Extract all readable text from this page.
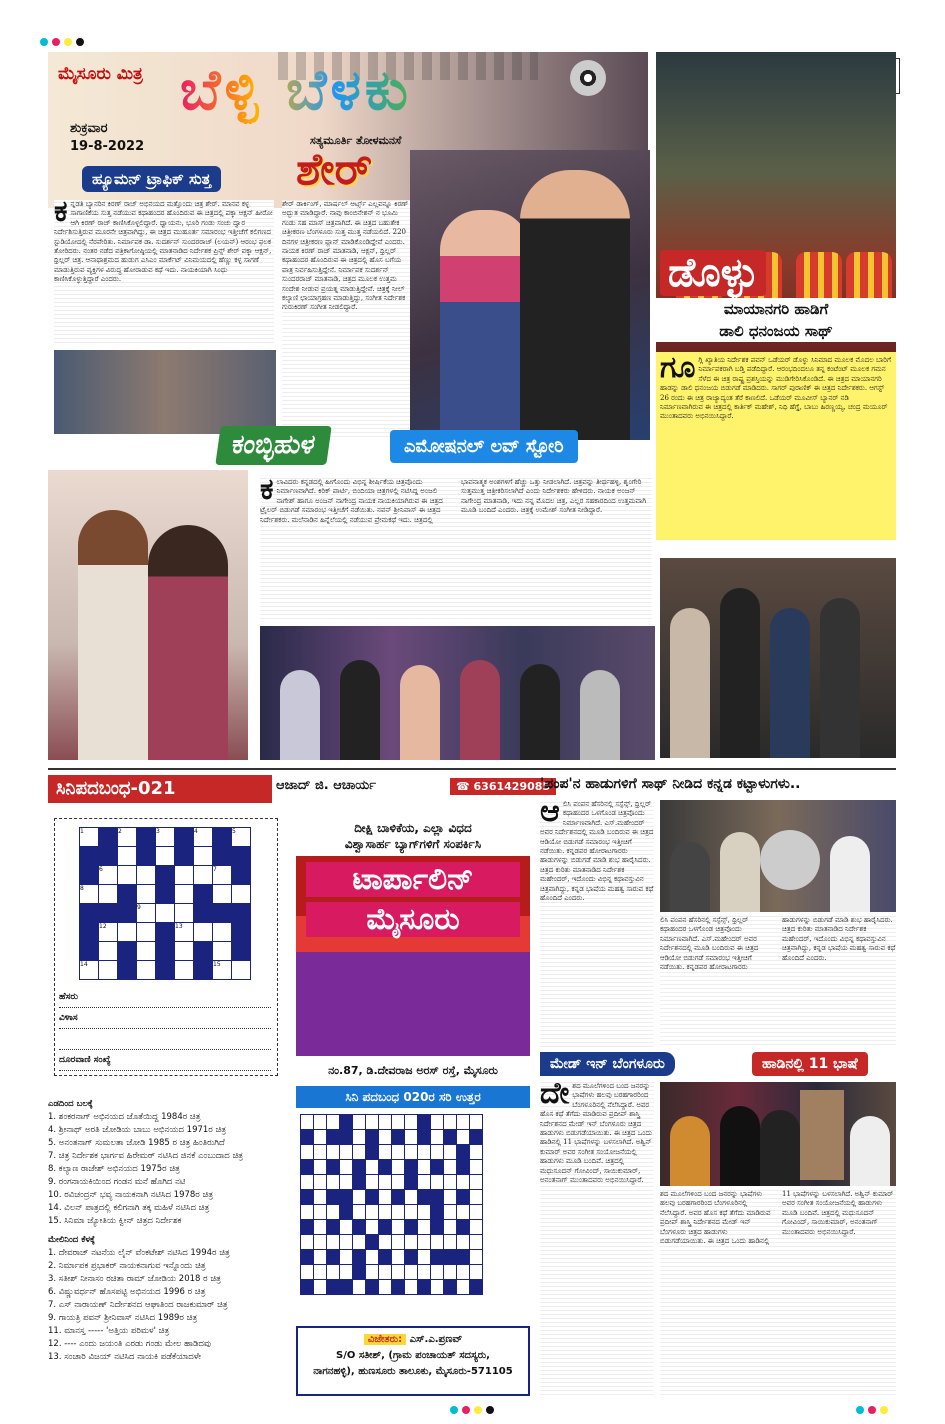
ಮೈಸೂರು ಮಿತ್ರ ಬೆಳ್ಳಿ ಬೆಳಕು
ಶುಕ್ರವಾರ
19-8-2022	ಸತ್ಯಮೂರ್ತಿ ತೋಳಮನಸೆ
ಶೇರ್
ಹ್ಯೂಮನ್ ಟ್ರಾಫಿಕ್ ಸುತ್ತ
ಕ ನ್ನಡತಿ ಬ್ಯಾನರಿನ ಕಿರಣ್ ರಾಜ್ ಅಭಿನಯದ ಮತ್ತೊಂದು ಚಿತ್ರ ಶೇರ್. ಮಾನವ ಕಳ್ಳ ಸಾಗಾಣಿಕೆಯ ಸುತ್ತ ನಡೆಯುವ ಕಥಾಹಂದರ ಹೊಂದಿರುವ ಈ ಚಿತ್ರದಲ್ಲಿ ಪಕ್ಕಾ ಆಕ್ಷನ್ ಹೀರೋ ಆಗಿ ಕಿರಣ್ ರಾಜ್ ಕಾಣಿಸಿಕೊಳ್ಳಲಿದ್ದಾರೆ. ಧ್ವಾಯನು, ಭೂರಿ ಗಂಡು ಸಂಚು ದ್ವಾರ ನಿರ್ದೇಶಿಸುತ್ತಿರುವ ಮೂರನೇ ಚಿತ್ರವಾಗಿದ್ದು, ಈ ಚಿತ್ರದ ಮುಹೂರ್ತ ಸಮಾರಂಭ ಇತ್ತೀಚೆಗೆ ಕಲಿಗಣದ ಸ್ಟುಡಿಯೋದಲ್ಲಿ ನೆರವೇರಿತು. ನಿರ್ಮಾಪಕ ಡಾ. ಸುದರ್ಶನ್ ಸುಂದರರಾಜ್ (ಲಯನ್) ಆರಂಭ ಫಲಕ ತೋರಿದರು. ನಂತರ ನಡೆದ ಪತ್ರಿಕಾಗೋಷ್ಠಿಯಲ್ಲಿ ಮಾತನಾಡಿದ ನಿರ್ದೇಶಕ ಪ್ರಿನ್ಸ್ ಶೇರ್ ಪಕ್ಕಾ ಆಕ್ಷನ್, ಥ್ರಿಲ್ಲರ್ ಚಿತ್ರ. ಆನಾಥಾಶ್ರಮದ ಹುಡುಗ ಎಸಿಎಂ ಮಾರ್ಕೆಟ್ ವಿನಿಮಯದಲ್ಲಿ ಹೆಣ್ಣು ಕಳ್ಳ ಸಾಗಣೆ ಮಾಡುತ್ತಿರುವ ವ್ಯಕ್ತಿಗಳ ವಿರುದ್ಧ ಹೋರಾಡುವ ಕಥೆ ಇದು. ನಾಯಕಿಯಾಗಿ ಸಿಂಧು ಕಾಣಿಸಿಕೊಳ್ಳುತ್ತಿದ್ದಾರೆ ಎಂದರು.
ಶೇರ್ ಡಾರ್ಕಿಂಗ್, ಮಾರ್ಷಲ್ ಆರ್ಟ್ಸ್ ಎಲ್ಲವನ್ನೂ ಕಿರಣ್ ಅದ್ಭುತ ಮಾಡಿದ್ದಾರೆ. ನಾವು ಕಾಂಬಿನೇಶನ್ ನ ಭೂಮಿ ಗಂಡು ಸಹ ಮಾಸ್ ಚಿತ್ರವಾಗಿದೆ. ಈ ಚಿತ್ರದ ಬಹುತೇಕ ಚಿತ್ರೀಕರಣ ಬೆಂಗಳೂರು ಸುತ್ತ ಮುತ್ತ ನಡೆಯಲಿದೆ. 220 ದಿನಗಳ ಚಿತ್ರೀಕರಣ ಪ್ಲಾನ್ ಮಾಡಿಕೊಂಡಿದ್ದೇವೆ ಎಂದರು. ನಾಯಕ ಕಿರಣ್ ರಾಜ್ ಮಾತನಾಡಿ, ಆಕ್ಷನ್, ಥ್ರಿಲ್ಲರ್ ಕಥಾಹಂದರ ಹೊಂದಿರುವ ಈ ಚಿತ್ರದಲ್ಲಿ ಹೊಸ ಬಗೆಯ ಪಾತ್ರ ನಿರ್ವಹಿಸುತ್ತಿದ್ದೇನೆ. ನಿರ್ಮಾಪಕ ಸುದರ್ಶನ್ ಸುಂದರರಾಜ್ ಮಾತನಾಡಿ, ಚಿತ್ರದ ಮೂಲಕ ಉತ್ತಮ ಸಂದೇಶ ನೀಡುವ ಪ್ರಯತ್ನ ಮಾಡುತ್ತಿದ್ದೇವೆ. ಚಿತ್ರಕ್ಕೆ ನೀಲ್ ಕಲ್ಯಾಣಿ ಛಾಯಾಗ್ರಹಣ ಮಾಡುತ್ತಿದ್ದು, ಸಂಗೀತ ನಿರ್ದೇಶಕ ಗುರುಕಿರಣ್ ಸಂಗೀತ ನೀಡಲಿದ್ದಾರೆ.
ಡೊಳ್ಳು
ಮಾಯಾನಗರಿ ಹಾಡಿಗೆ
ಡಾಲಿ ಧನಂಜಯ ಸಾಥ್
ಗೂ ಗ್ಲಿ ಖ್ಯಾತಿಯ ನಿರ್ದೇಶಕ ಪವನ್ ಒಡೆಯರ್ ಡೊಳ್ಳು ಸಿನಿಮಾದ ಮೂಲಕ ಮೊದಲ ಬಾರಿಗೆ ನಿರ್ಮಾಪಕರಾಗಿ ಬಡ್ತಿ ಪಡೆದಿದ್ದಾರೆ. ಆರಂಭದಿಂದಲೂ ತನ್ನ ಕಂಟೆಂಟ್ ಮೂಲಕ ಗಮನ ಸೆಳೆದ ಈ ಚಿತ್ರ ರಾಷ್ಟ್ರ ಪ್ರಶಸ್ತಿಯನ್ನು ಮುಡಿಗೇರಿಸಿಕೊಂಡಿದೆ. ಈ ಚಿತ್ರದ ಮಾಯಾನಗರಿ ಹಾಡನ್ನು ಡಾಲಿ ಧನಂಜಯ ಬಿಡುಗಡೆ ಮಾಡಿದರು. ಸಾಗರ್ ಪುರಾಣಿಕ್ ಈ ಚಿತ್ರದ ನಿರ್ದೇಶಕರು. ಆಗಸ್ಟ್ 26 ರಂದು ಈ ಚಿತ್ರ ರಾಜ್ಯಾದ್ಯಂತ ತೆರೆ ಕಾಣಲಿದೆ. ಒಡೆಯರ್ ಮೂವೀಸ್ ಬ್ಯಾನರ್ ನಡಿ ನಿರ್ಮಾಣವಾಗಿರುವ ಈ ಚಿತ್ರದಲ್ಲಿ ಕಾರ್ತಿಕ್ ಮಹೇಶ್, ನಿಧಿ ಹೆಗ್ಡೆ, ಬಾಬು ಹಿರಣ್ಣಯ್ಯ, ಚಂದ್ರ ಮಯೂರ್ ಮುಂತಾದವರು ಅಭಿನಯಿಸಿದ್ದಾರೆ.
ಕಂಬ್ಳಿಹುಳ	ಎಮೋಷನಲ್ ಲವ್ ಸ್ಟೋರಿ
ಕ ಲಾವಿದರು ಕನ್ನಡದಲ್ಲಿ ಹೀಗೊಂದು ವಿಭಿನ್ನ ಶೀರ್ಷಿಕೆಯ ಚಿತ್ರವೊಂದು ನಿರ್ಮಾಣವಾಗಿದೆ. ಕಿರಿಕ್ ಪಾರ್ಟಿ, ಬಿಂದಿಯಾ ಚಿತ್ರಗಳಲ್ಲಿ ನಟಿಸಿದ್ದ ಅಂಜಲಿ ನಾಗೇಶ್ ಹಾಗೂ ಅಂಜನ್ ನಾಗೇಂದ್ರ ನಾಯಕ ನಾಯಕಿಯಾಗಿರುವ ಈ ಚಿತ್ರದ ಟ್ರೈಲರ್ ಬಿಡುಗಡೆ ಸಮಾರಂಭ ಇತ್ತೀಚೆಗೆ ನಡೆಯಿತು. ನವನ್ ಶ್ರೀನಿವಾಸ್ ಈ ಚಿತ್ರದ ನಿರ್ದೇಶಕರು. ಮಲೆನಾಡಿನ ಹಿನ್ನೆಲೆಯಲ್ಲಿ ನಡೆಯುವ ಪ್ರೇಮಕಥೆ ಇದು. ಚಿತ್ರದಲ್ಲಿ ಭಾವನಾತ್ಮಕ ಅಂಶಗಳಿಗೆ ಹೆಚ್ಚು ಒತ್ತು ನೀಡಲಾಗಿದೆ. ಚಿತ್ರವನ್ನು ತೀರ್ಥಹಳ್ಳಿ, ಶೃಂಗೇರಿ ಸುತ್ತಮುತ್ತ ಚಿತ್ರೀಕರಿಸಲಾಗಿದೆ ಎಂದು ನಿರ್ದೇಶಕರು ಹೇಳಿದರು. ನಾಯಕ ಅಂಜನ್ ನಾಗೇಂದ್ರ ಮಾತನಾಡಿ, ಇದು ನನ್ನ ಮೊದಲ ಚಿತ್ರ, ಎಲ್ಲರ ಸಹಕಾರದಿಂದ ಉತ್ತಮವಾಗಿ ಮೂಡಿ ಬಂದಿದೆ ಎಂದರು. ಚಿತ್ರಕ್ಕೆ ಉಮೇಶ್ ಸಂಗೀತ ನೀಡಿದ್ದಾರೆ.
ಸಿನಿಪದಬಂಧ-021	ಆಜಾದ್ ಜಿ. ಆಚಾರ್ಯ	☎ 6361429085
1		2		3		4		5

	6						7	
8								
			9					
	12				13			

14							15	
ಹೆಸರು
ವಿಳಾಸ

ದೂರವಾಣಿ ಸಂಖ್ಯೆ
ಎಡದಿಂದ ಬಲಕ್ಕೆ
1. ಶಂಕರನಾಗ್ ಅಭಿನಯದ ಜೊತೆಯಿದ್ದ 1984ರ ಚಿತ್ರ
4. ಶ್ರೀನಾಥ್ ಅರತಿ ಜೋಡಿಯ ಬಾಬು ಅಭಿನಯದ 1971ರ ಚಿತ್ರ
5. ಅನಂತನಾಗ್ ಸುಮಲತಾ ಜೋಡಿ 1985 ರ ಚಿತ್ರ ಹಿಂತಿರುಗಿದೆ
7. ಚಿತ್ರ ನಿರ್ದೇಶಕ ಭಾರ್ಗವ ಹಿರೇಮಠ್ ನಟಿಸಿದ ಜಿನಕೆ ಎಂಬುದಾದ ಚಿತ್ರ
8. ಕಲ್ಯಾಣ ರಾಜೇಶ್ ಅಭಿನಯದ 1975ರ ಚಿತ್ರ
9. ರಂಗನಾಯಕಿಯಿಂದ ಗಂಡನ ಮನೆ ಹೊಗಿದ ನಟಿ
10. ರವಿಚಂದ್ರನ್ ಭವ್ಯ ನಾಯಕನಾಗಿ ನಟಿಸಿದ 1978ರ ಚಿತ್ರ
14. ವಿಲನ್ ಪಾತ್ರದಲ್ಲಿ ಕಲಿಗನಾಗಿ ತಕ್ಕ ಮಹಿಳೆ ನಟಿಸಿದ ಚಿತ್ರ
15. ಸಿನಿಮಾ ಜ್ಯೋತಿಯ ಕ್ವೀನ್ ಚಿತ್ರದ ನಿರ್ದೇಶಕ
ಮೇಲಿನಿಂದ ಕೆಳಕ್ಕೆ
1. ದೇವರಾಜ್ ನಟನೆಯ ಲೈನ್ ವೆಂಕಟೇಶ್ ನಟಿಸಿದ 1994ರ ಚಿತ್ರ
2. ನಿರ್ಮಾಪಕ ಪ್ರಭಾಕರ್ ನಾಯಕನಾಗುವ ಇನ್ನೊಂದು ಚಿತ್ರ
3. ಸತೀಶ್ ನೀನಾಸಂ ರಚಿತಾ ರಾಮ್ ಜೋಡಿಯ 2018 ರ ಚಿತ್ರ
6. ವಿಷ್ಣುವರ್ಧನ್ ಹೊಸಪಟ್ಟಿ ಅಭಿನಯದ 1996 ರ ಚಿತ್ರ
7. ಎಸ್ ನಾರಾಯಣ್ ನಿರ್ದೇಶನದ ಆಘಾತಿಂದ ರಾಜಕುಮಾರ್ ಚಿತ್ರ
9. ಗಾಯತ್ರಿ ಪವನ್ ಶ್ರೀನಿವಾಸ್ ನಟಿಸಿದ 1989ರ ಚಿತ್ರ
11. ಮಾನಸ್ತ ----- 'ಅತ್ತಿಯ ಪರಿಮಳ' ಚಿತ್ರ
12. ---- ಎಂದು ಜಯಂತಿ ಎರಡು ಗಂಡು ಮೇಲ ಹಾಡಿದವು
13. ಸಂಚಾರಿ ವಿಜಯ್ ನಟಿಸಿದ ನಾಯಕಿ ಪಡೆಕೆಯಾದಳೇ
ದೀಕ್ಷಿ ಬಾಳಿಕೆಯ, ಎಲ್ಲಾ ವಿಧದ
ವಿಶ್ವಾಸಾರ್ಹ ಬ್ಯಾಗ್‌ಗಳಿಗೆ ಸಂಪರ್ಕಿಸಿ
ಟಾರ್ಪಾಲಿನ್
ಮೈಸೂರು
ನಂ.87, ಡಿ.ದೇವರಾಜ ಅರಸ್ ರಸ್ತೆ, ಮೈಸೂರು
ಸಿನಿ ಪದಬಂಧ 020ರ ಸರಿ ಉತ್ತರ

ವಿಜೇತರು: ಎಸ್.ಎ.ಪ್ರಣವ್
S/O ಸತೀಶ್, (ಗ್ರಾಮ ಪಂಚಾಯತ್ ಸದಸ್ಯರು,
ನಾಗನಹಳ್ಳಿ), ಹುಣಸೂರು ತಾಲೂಕು, ಮೈಸೂರು-571105
'ಪಂಪ'ನ ಹಾಡುಗಳಿಗೆ ಸಾಥ್ ನೀಡಿದ ಕನ್ನಡ ಕಟ್ಟಾಳುಗಳು..
ಆ ಲಿಸಿ ಪಂಪನ ಹೆಸರಿನಲ್ಲಿ ಸಸ್ಪೆನ್ಸ್, ಥ್ರಿಲ್ಲರ್ ಕಥಾಹಂದರ ಒಳಗೊಂಡ ಚಿತ್ರವೊಂದು ನಿರ್ಮಾಣವಾಗಿದೆ. ಎಸ್.ಮಹೇಂದರ್ ಅವರ ನಿರ್ದೇಶನದಲ್ಲಿ ಮೂಡಿ ಬಂದಿರುವ ಈ ಚಿತ್ರದ ಆಡಿಯೋ ಬಿಡುಗಡೆ ಸಮಾರಂಭ ಇತ್ತೀಚಿಗೆ ನಡೆಯಿತು. ಕನ್ನಡಪರ ಹೋರಾಟಗಾರರು ಹಾಡುಗಳನ್ನು ಬಿಡುಗಡೆ ಮಾಡಿ ಶುಭ ಹಾರೈಸಿದರು. ಚಿತ್ರದ ಕುರಿತು ಮಾತನಾಡಿದ ನಿರ್ದೇಶಕ ಮಹೇಂದರ್, ಇದೊಂದು ವಿಭಿನ್ನ ಕಥಾವಸ್ತುವಿನ ಚಿತ್ರವಾಗಿದ್ದು, ಕನ್ನಡ ಭಾಷೆಯ ಮಹತ್ವ ಸಾರುವ ಕಥೆ ಹೊಂದಿದೆ ಎಂದರು.
ಲಿಸಿ ಪಂಪನ ಹೆಸರಿನಲ್ಲಿ ಸಸ್ಪೆನ್ಸ್, ಥ್ರಿಲ್ಲರ್ ಕಥಾಹಂದರ ಒಳಗೊಂಡ ಚಿತ್ರವೊಂದು ನಿರ್ಮಾಣವಾಗಿದೆ. ಎಸ್.ಮಹೇಂದರ್ ಅವರ ನಿರ್ದೇಶನದಲ್ಲಿ ಮೂಡಿ ಬಂದಿರುವ ಈ ಚಿತ್ರದ ಆಡಿಯೋ ಬಿಡುಗಡೆ ಸಮಾರಂಭ ಇತ್ತೀಚಿಗೆ ನಡೆಯಿತು. ಕನ್ನಡಪರ ಹೋರಾಟಗಾರರು ಹಾಡುಗಳನ್ನು ಬಿಡುಗಡೆ ಮಾಡಿ ಶುಭ ಹಾರೈಸಿದರು. ಚಿತ್ರದ ಕುರಿತು ಮಾತನಾಡಿದ ನಿರ್ದೇಶಕ ಮಹೇಂದರ್, ಇದೊಂದು ವಿಭಿನ್ನ ಕಥಾವಸ್ತುವಿನ ಚಿತ್ರವಾಗಿದ್ದು, ಕನ್ನಡ ಭಾಷೆಯ ಮಹತ್ವ ಸಾರುವ ಕಥೆ ಹೊಂದಿದೆ ಎಂದರು.
ಮೇಡ್ ಇನ್ ಬೆಂಗಳೂರು	ಹಾಡಿನಲ್ಲಿ 11 ಭಾಷೆ
ದೇ ಶದ ಮೂಲೆಗಳಿಂದ ಬಂದ ಜನರನ್ನು ಭಾಷೆಗಳು ಹಲವು ಬರಹಗಾರರಿಂದ ಬೆಂಗಳೂರಿನಲ್ಲಿ ನೆಲೆಸಿದ್ದಾರೆ. ಅವರ ಹೊಸ ಕಥೆ ತೆಗೆದು ಮಾಡಿರುವ ಪ್ರದೀಪ್ ಶಾಸ್ತ್ರಿ ನಿರ್ದೇಶನದ ಮೇಡ್ ಇನ್ ಬೆಂಗಳೂರು ಚಿತ್ರದ ಹಾಡುಗಳು ಬಿಡುಗಡೆಯಾಯಿತು. ಈ ಚಿತ್ರದ ಒಂದು ಹಾಡಿನಲ್ಲಿ 11 ಭಾಷೆಗಳನ್ನು ಬಳಸಲಾಗಿದೆ. ಅಶ್ವಿನ್ ಕುಮಾರ್ ಅವರ ಸಂಗೀತ ಸಂಯೋಜನೆಯಲ್ಲಿ ಹಾಡುಗಳು ಮೂಡಿ ಬಂದಿವೆ. ಚಿತ್ರದಲ್ಲಿ ಮಧುಸೂದನ್ ಗೋವಿಂದ್, ಸಾಯಿಕುಮಾರ್, ಅನಂತನಾಗ್ ಮುಂತಾದವರು ಅಭಿನಯಿಸಿದ್ದಾರೆ.
ಶದ ಮೂಲೆಗಳಿಂದ ಬಂದ ಜನರನ್ನು ಭಾಷೆಗಳು ಹಲವು ಬರಹಗಾರರಿಂದ ಬೆಂಗಳೂರಿನಲ್ಲಿ ನೆಲೆಸಿದ್ದಾರೆ. ಅವರ ಹೊಸ ಕಥೆ ತೆಗೆದು ಮಾಡಿರುವ ಪ್ರದೀಪ್ ಶಾಸ್ತ್ರಿ ನಿರ್ದೇಶನದ ಮೇಡ್ ಇನ್ ಬೆಂಗಳೂರು ಚಿತ್ರದ ಹಾಡುಗಳು ಬಿಡುಗಡೆಯಾಯಿತು. ಈ ಚಿತ್ರದ ಒಂದು ಹಾಡಿನಲ್ಲಿ 11 ಭಾಷೆಗಳನ್ನು ಬಳಸಲಾಗಿದೆ. ಅಶ್ವಿನ್ ಕುಮಾರ್ ಅವರ ಸಂಗೀತ ಸಂಯೋಜನೆಯಲ್ಲಿ ಹಾಡುಗಳು ಮೂಡಿ ಬಂದಿವೆ. ಚಿತ್ರದಲ್ಲಿ ಮಧುಸೂದನ್ ಗೋವಿಂದ್, ಸಾಯಿಕುಮಾರ್, ಅನಂತನಾಗ್ ಮುಂತಾದವರು ಅಭಿನಯಿಸಿದ್ದಾರೆ.
